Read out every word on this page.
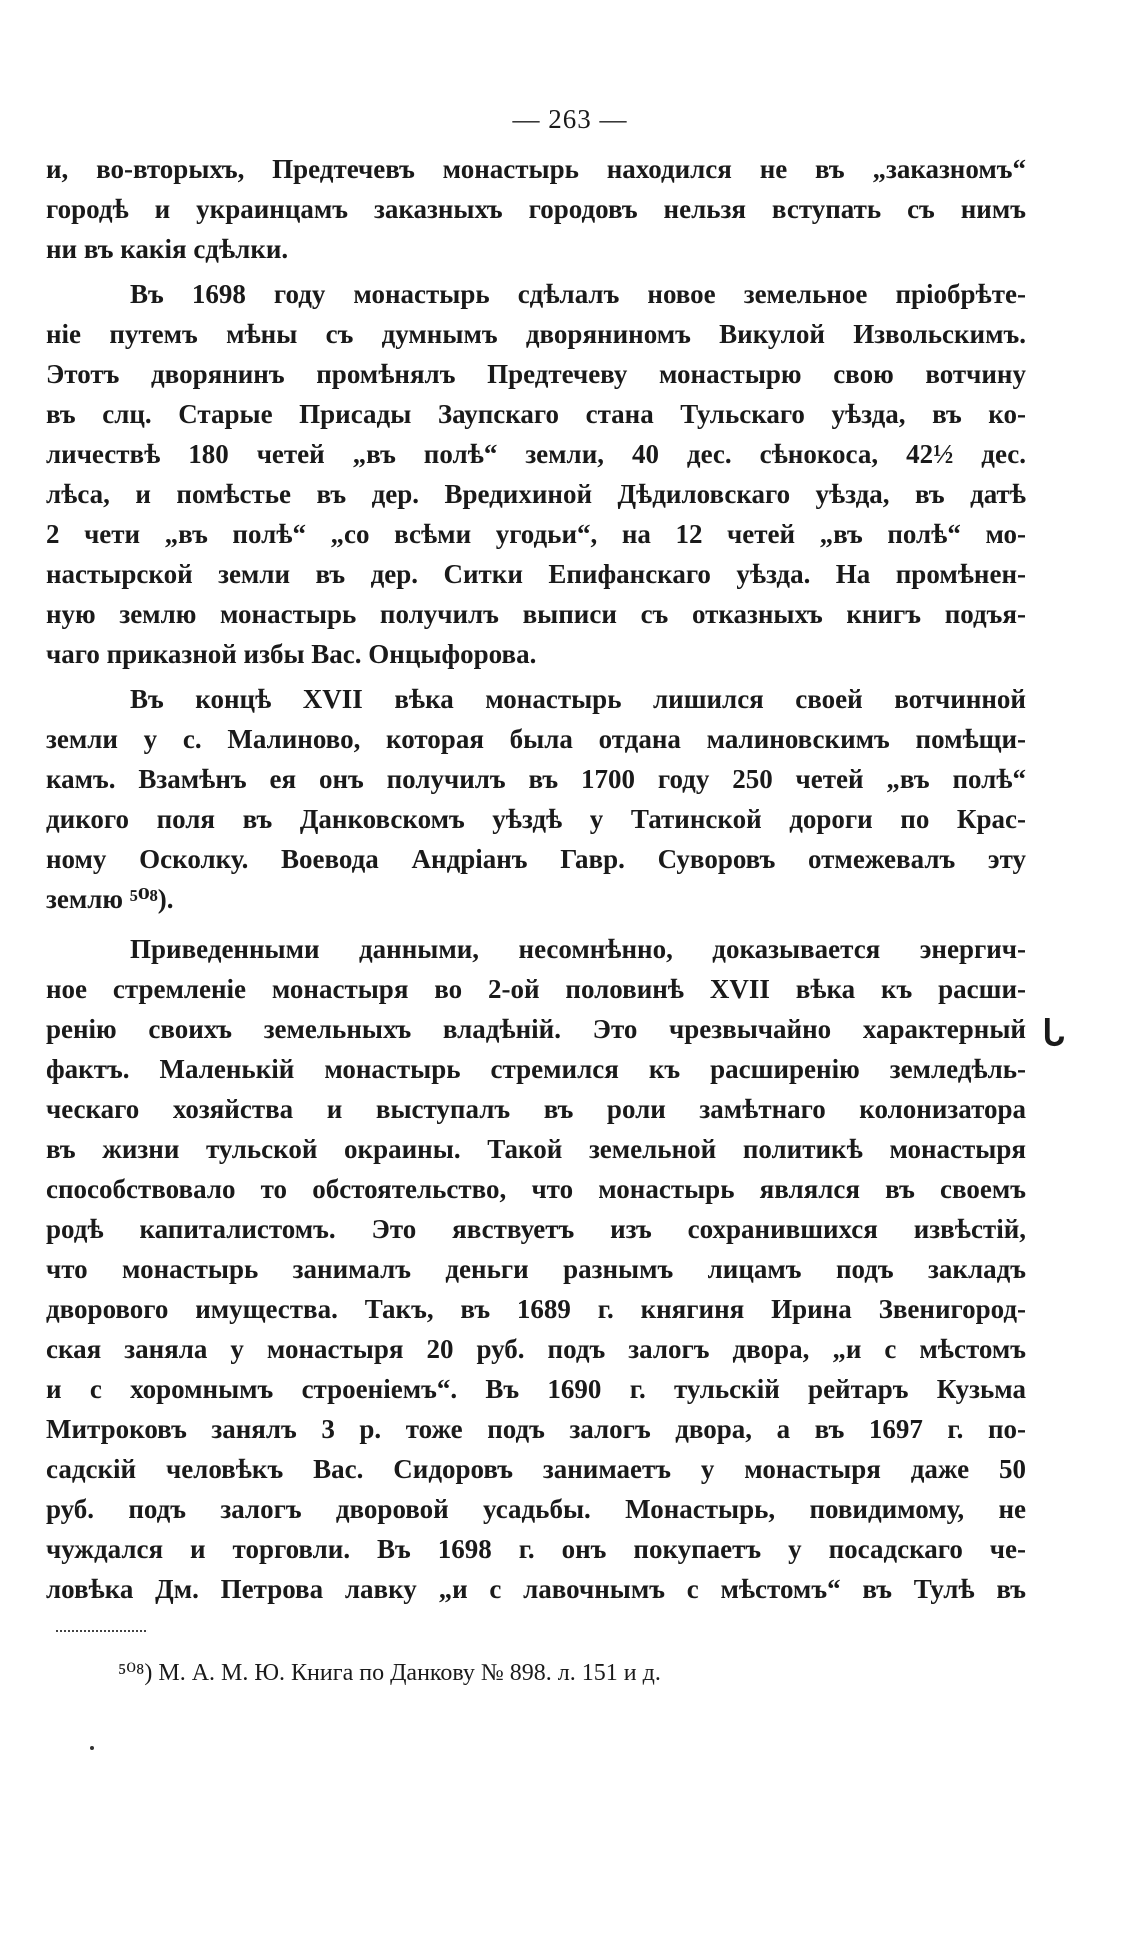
— 263 —
и, во-вторыхъ, Предтечевъ монастырь находился не въ „заказномъ“
городѣ и украинцамъ заказныхъ городовъ нельзя вступать съ нимъ
ни въ какія сдѣлки.
Въ 1698 году монастырь сдѣлалъ новое земельное пріобрѣте-
ніе путемъ мѣны съ думнымъ дворяниномъ Викулой Извольскимъ.
Этотъ дворянинъ промѣнялъ Предтечеву монастырю свою вотчину
въ слц. Старые Присады Заупскаго стана Тульскаго уѣзда, въ ко-
личествѣ 180 четей „въ полѣ“ земли, 40 дес. сѣнокоса, 42½ дес.
лѣса, и помѣстье въ дер. Вредихиной Дѣдиловскаго уѣзда, въ датѣ
2 чети „въ полѣ“ „со всѣми угодьи“, на 12 четей „въ полѣ“ мо-
настырской земли въ дер. Ситки Епифанскаго уѣзда. На промѣнен-
ную землю монастырь получилъ выписи съ отказныхъ книгъ подъя-
чаго приказной избы Вас. Онцыфорова.
Въ концѣ XVII вѣка монастырь лишился своей вотчинной
земли у с. Малиново, которая была отдана малиновскимъ помѣщи-
камъ. Взамѣнъ ея онъ получилъ въ 1700 году 250 четей „въ полѣ“
дикого поля въ Данковскомъ уѣздѣ у Татинской дороги по Крас-
ному Осколку. Воевода Андріанъ Гавр. Суворовъ отмежевалъ эту
землю ⁵⁰⁸).
Приведенными данными, несомнѣнно, доказывается энергич-
ное стремленіе монастыря во 2-ой половинѣ XVII вѣка къ расши-
ренію своихъ земельныхъ владѣній. Это чрезвычайно характерный
фактъ. Маленькій монастырь стремился къ расширенію земледѣль-
ческаго хозяйства и выступалъ въ роли замѣтнаго колонизатора
въ жизни тульской окраины. Такой земельной политикѣ монастыря
способствовало то обстоятельство, что монастырь являлся въ своемъ
родѣ капиталистомъ. Это явствуетъ изъ сохранившихся извѣстій,
что монастырь занималъ деньги разнымъ лицамъ подъ закладъ
дворового имущества. Такъ, въ 1689 г. княгиня Ирина Звенигород-
ская заняла у монастыря 20 руб. подъ залогъ двора, „и с мѣстомъ
и с хоромнымъ строеніемъ“. Въ 1690 г. тульскій рейтаръ Кузьма
Митроковъ занялъ 3 р. тоже подъ залогъ двора, а въ 1697 г. по-
садскій человѣкъ Вас. Сидоровъ занимаетъ у монастыря даже 50
руб. подъ залогъ дворовой усадьбы. Монастырь, повидимому, не
чуждался и торговли. Въ 1698 г. онъ покупаетъ у посадскаго че-
ловѣка Дм. Петрова лавку „и с лавочнымъ с мѣстомъ“ въ Тулѣ въ
ᒐ
⁵⁰⁸) М. А. М. Ю. Книга по Данкову № 898. л. 151 и д.
